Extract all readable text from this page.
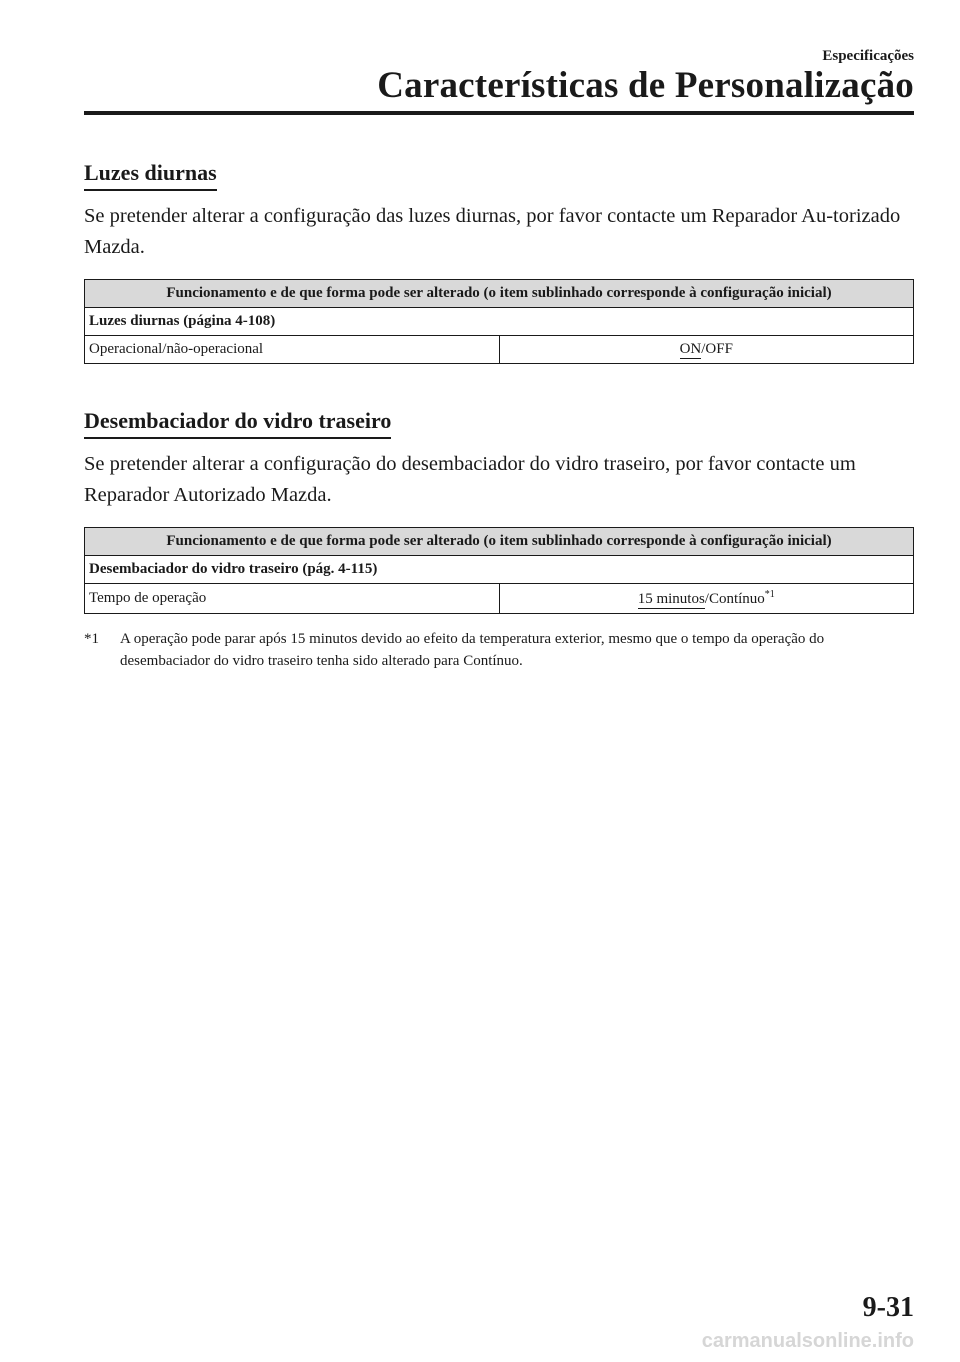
Especificações
Características de Personalização
Luzes diurnas

Se pretender alterar a configuração das luzes diurnas, por favor contacte um Reparador Au-torizado Mazda.

Funcionamento e de que forma pode ser alterado (o item sublinhado corresponde à configuração inicial)
Luzes diurnas (página 4-108)
Operacional/não-operacional	ON/OFF
Desembaciador do vidro traseiro

Se pretender alterar a configuração do desembaciador do vidro traseiro, por favor contacte um Reparador Autorizado Mazda.

Funcionamento e de que forma pode ser alterado (o item sublinhado corresponde à configuração inicial)
Desembaciador do vidro traseiro (pág. 4-115)
Tempo de operação	15 minutos/Contínuo$^{*1}$
*1	A operação pode parar após 15 minutos devido ao efeito da temperatura exterior, mesmo que o tempo da operação do desembaciador do vidro traseiro tenha sido alterado para Contínuo.
9-31
carmanualsonline.info
